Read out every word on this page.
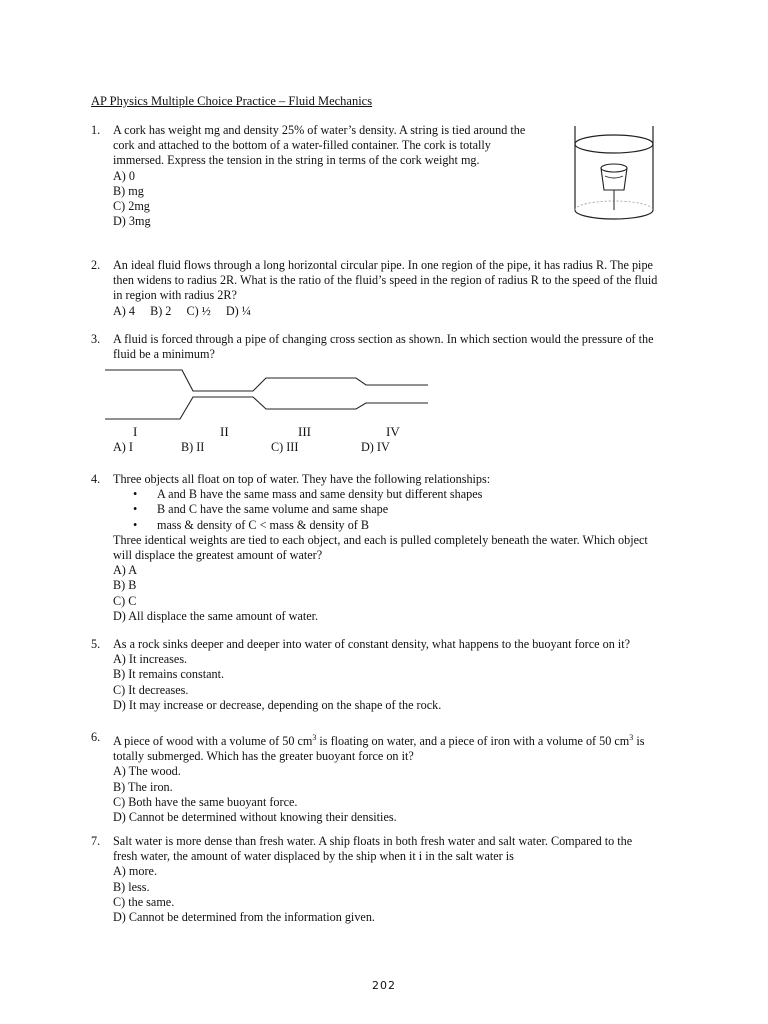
AP Physics Multiple Choice Practice – Fluid Mechanics
1. A cork has weight mg and density 25% of water’s density. A string is tied around the
cork and attached to the bottom of a water-filled container. The cork is totally
immersed. Express the tension in the string in terms of the cork weight mg.
A) 0
B) mg
C) 2mg
D) 3mg
2. An ideal fluid flows through a long horizontal circular pipe. In one region of the pipe, it has radius R. The pipe
then widens to radius 2R. What is the ratio of the fluid’s speed in the region of radius R to the speed of the fluid
in region with radius 2R?
A) 4 B) 2 C) ½ D) ¼
3. A fluid is forced through a pipe of changing cross section as shown. In which section would the pressure of the
fluid be a minimum?
I	II	III	IV
A) I	B) II	C) III	D) IV
4. Three objects all float on top of water. They have the following relationships:
• A and B have the same mass and same density but different shapes
• B and C have the same volume and same shape
• mass & density of C < mass & density of B
Three identical weights are tied to each object, and each is pulled completely beneath the water. Which object
will displace the greatest amount of water?
A) A
B) B
C) C
D) All displace the same amount of water.
5. As a rock sinks deeper and deeper into water of constant density, what happens to the buoyant force on it?
A) It increases.
B) It remains constant.
C) It decreases.
D) It may increase or decrease, depending on the shape of the rock.
6. A piece of wood with a volume of 50 $cm^3$ is floating on water, and a piece of iron with a volume of 50 $cm^3$ is
totally submerged. Which has the greater buoyant force on it?
A) The wood.
B) The iron.
C) Both have the same buoyant force.
D) Cannot be determined without knowing their densities.
7. Salt water is more dense than fresh water. A ship floats in both fresh water and salt water. Compared to the
fresh water, the amount of water displaced by the ship when it i in the salt water is
A) more.
B) less.
C) the same.
D) Cannot be determined from the information given.
202
